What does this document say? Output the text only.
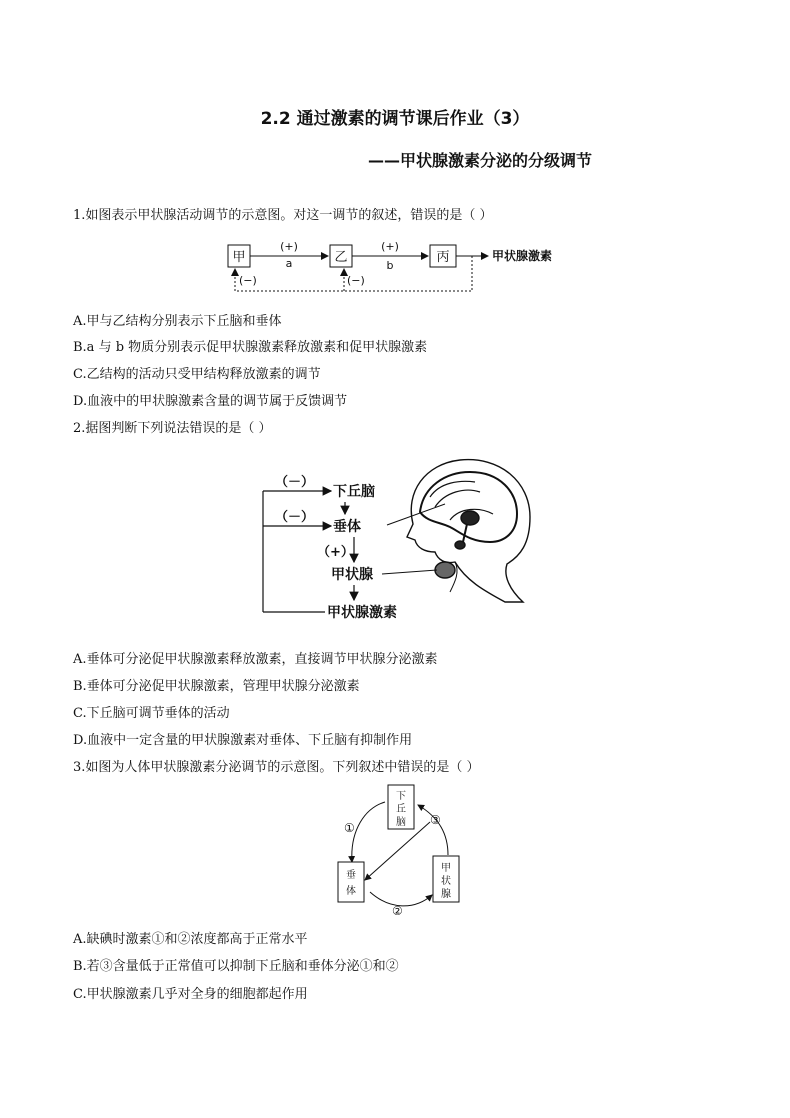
2.2 通过激素的调节课后作业（3）
——甲状腺激素分泌的分级调节
1.如图表示甲状腺活动调节的示意图。对这一调节的叙述，错误的是（ ）
甲	乙	丙
(+)
a
(+)
b
甲状腺激素
(−)	(−)
A.甲与乙结构分别表示下丘脑和垂体
B.a 与 b 物质分别表示促甲状腺激素释放激素和促甲状腺激素
C.乙结构的活动只受甲结构释放激素的调节
D.血液中的甲状腺激素含量的调节属于反馈调节
2.据图判断下列说法错误的是（ ）
（－）
（－）
下丘脑
垂体
（+）
甲状腺
甲状腺激素
A.垂体可分泌促甲状腺激素释放激素，直接调节甲状腺分泌激素
B.垂体可分泌促甲状腺激素，管理甲状腺分泌激素
C.下丘脑可调节垂体的活动
D.血液中一定含量的甲状腺激素对垂体、下丘脑有抑制作用
3.如图为人体甲状腺激素分泌调节的示意图。下列叙述中错误的是（ ）
下
丘
脑
垂
体
甲
状
腺
①
②
③
A.缺碘时激素①和②浓度都高于正常水平
B.若③含量低于正常值可以抑制下丘脑和垂体分泌①和②
C.甲状腺激素几乎对全身的细胞都起作用
